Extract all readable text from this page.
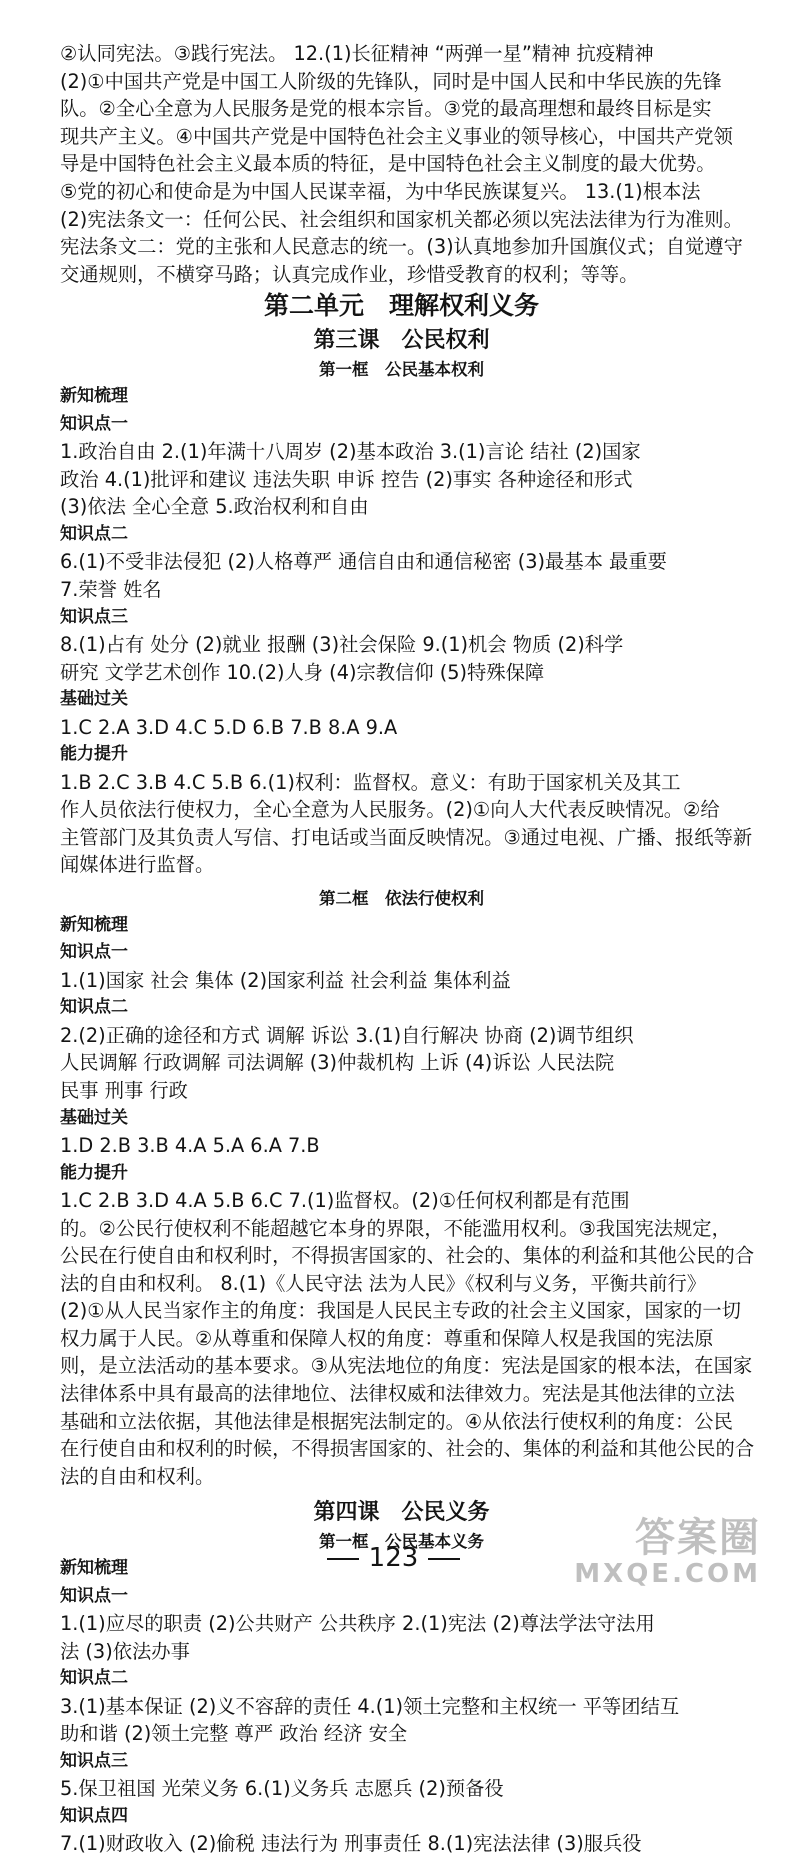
②认同宪法。③践行宪法。 12.(1)长征精神 “两弹一星”精神 抗疫精神

(2)①中国共产党是中国工人阶级的先锋队，同时是中国人民和中华民族的先锋

队。②全心全意为人民服务是党的根本宗旨。③党的最高理想和最终目标是实

现共产主义。④中国共产党是中国特色社会主义事业的领导核心，中国共产党领

导是中国特色社会主义最本质的特征，是中国特色社会主义制度的最大优势。

⑤党的初心和使命是为中国人民谋幸福，为中华民族谋复兴。 13.(1)根本法

(2)宪法条文一：任何公民、社会组织和国家机关都必须以宪法法律为行为准则。

宪法条文二：党的主张和人民意志的统一。(3)认真地参加升国旗仪式；自觉遵守

交通规则，不横穿马路；认真完成作业，珍惜受教育的权利；等等。

第二单元　理解权利义务

第三课　公民权利

第一框　公民基本权利

新知梳理

知识点一

1.政治自由 2.(1)年满十八周岁 (2)基本政治 3.(1)言论 结社 (2)国家

政治 4.(1)批评和建议 违法失职 申诉 控告 (2)事实 各种途径和形式

(3)依法 全心全意 5.政治权利和自由

知识点二

6.(1)不受非法侵犯 (2)人格尊严 通信自由和通信秘密 (3)最基本 最重要

7.荣誉 姓名

知识点三

8.(1)占有 处分 (2)就业 报酬 (3)社会保险 9.(1)机会 物质 (2)科学

研究 文学艺术创作 10.(2)人身 (4)宗教信仰 (5)特殊保障

基础过关

1.C 2.A 3.D 4.C 5.D 6.B 7.B 8.A 9.A

能力提升

1.B 2.C 3.B 4.C 5.B 6.(1)权利：监督权。意义：有助于国家机关及其工

作人员依法行使权力，全心全意为人民服务。(2)①向人大代表反映情况。②给

主管部门及其负责人写信、打电话或当面反映情况。③通过电视、广播、报纸等新

闻媒体进行监督。

第二框　依法行使权利

新知梳理

知识点一

1.(1)国家 社会 集体 (2)国家利益 社会利益 集体利益

知识点二

2.(2)正确的途径和方式 调解 诉讼 3.(1)自行解决 协商 (2)调节组织

人民调解 行政调解 司法调解 (3)仲裁机构 上诉 (4)诉讼 人民法院

民事 刑事 行政

基础过关

1.D 2.B 3.B 4.A 5.A 6.A 7.B

能力提升

1.C 2.B 3.D 4.A 5.B 6.C 7.(1)监督权。(2)①任何权利都是有范围

的。②公民行使权利不能超越它本身的界限，不能滥用权利。③我国宪法规定，

公民在行使自由和权利时，不得损害国家的、社会的、集体的利益和其他公民的合

法的自由和权利。 8.(1)《人民守法 法为人民》《权利与义务，平衡共前行》

(2)①从人民当家作主的角度：我国是人民民主专政的社会主义国家，国家的一切

权力属于人民。②从尊重和保障人权的角度：尊重和保障人权是我国的宪法原

则，是立法活动的基本要求。③从宪法地位的角度：宪法是国家的根本法，在国家

法律体系中具有最高的法律地位、法律权威和法律效力。宪法是其他法律的立法

基础和立法依据，其他法律是根据宪法制定的。④从依法行使权利的角度：公民

在行使自由和权利的时候，不得损害国家的、社会的、集体的利益和其他公民的合

法的自由和权利。

第四课　公民义务

第一框　公民基本义务

新知梳理

知识点一

1.(1)应尽的职责 (2)公共财产 公共秩序 2.(1)宪法 (2)尊法学法守法用

法 (3)依法办事

知识点二

3.(1)基本保证 (2)义不容辞的责任 4.(1)领土完整和主权统一 平等团结互

助和谐 (2)领土完整 尊严 政治 经济 安全

知识点三

5.保卫祖国 光荣义务 6.(1)义务兵 志愿兵 (2)预备役

知识点四

7.(1)财政收入 (2)偷税 违法行为 刑事责任 8.(1)宪法法律 (3)服兵役

123	答案圈
MXQE.COM
